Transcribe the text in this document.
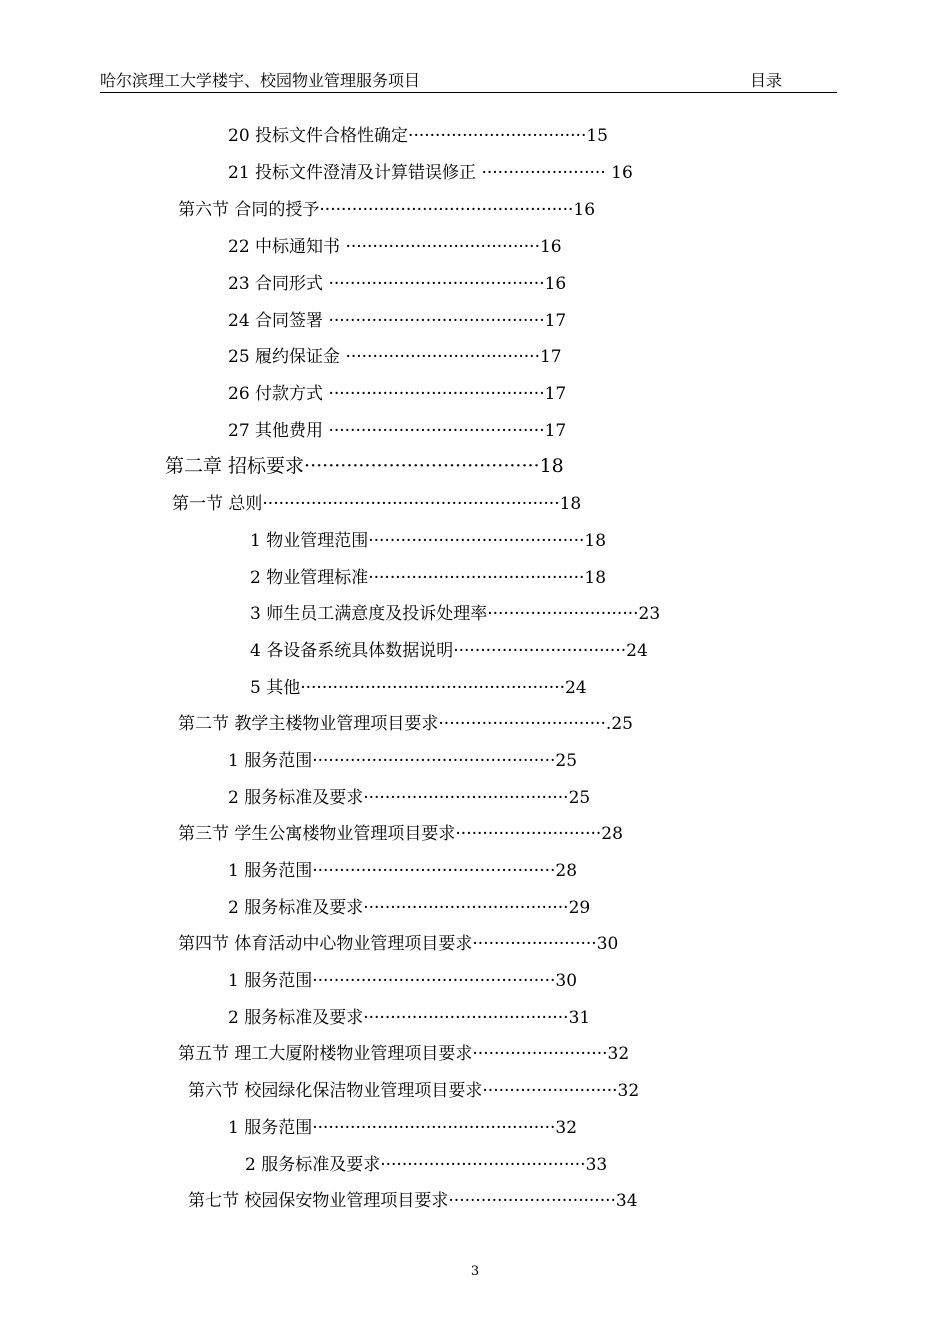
哈尔滨理工大学楼宇、校园物业管理服务项目	目录
20 投标文件合格性确定·································15
21 投标文件澄清及计算错误修正 ······················· 16
第六节 合同的授予···············································16
22 中标通知书 ····································16
23 合同形式 ········································16
24 合同签署 ········································17
25 履约保证金 ····································17
26 付款方式 ········································17
27 其他费用 ········································17
第二章 招标要求·······································18
第一节 总则·······················································18
1 物业管理范围········································18
2 物业管理标准········································18
3 师生员工满意度及投诉处理率····························23
4 各设备系统具体数据说明································24
5 其他·················································24
第二节 教学主楼物业管理项目要求·······························.25
1 服务范围·············································25
2 服务标准及要求······································25
第三节 学生公寓楼物业管理项目要求···························28
1 服务范围·············································28
2 服务标准及要求······································29
第四节 体育活动中心物业管理项目要求·······················30
1 服务范围·············································30
2 服务标准及要求······································31
第五节 理工大厦附楼物业管理项目要求·························32
第六节 校园绿化保洁物业管理项目要求·························32
1 服务范围·············································32
2 服务标准及要求······································33
第七节 校园保安物业管理项目要求·······························34
3
